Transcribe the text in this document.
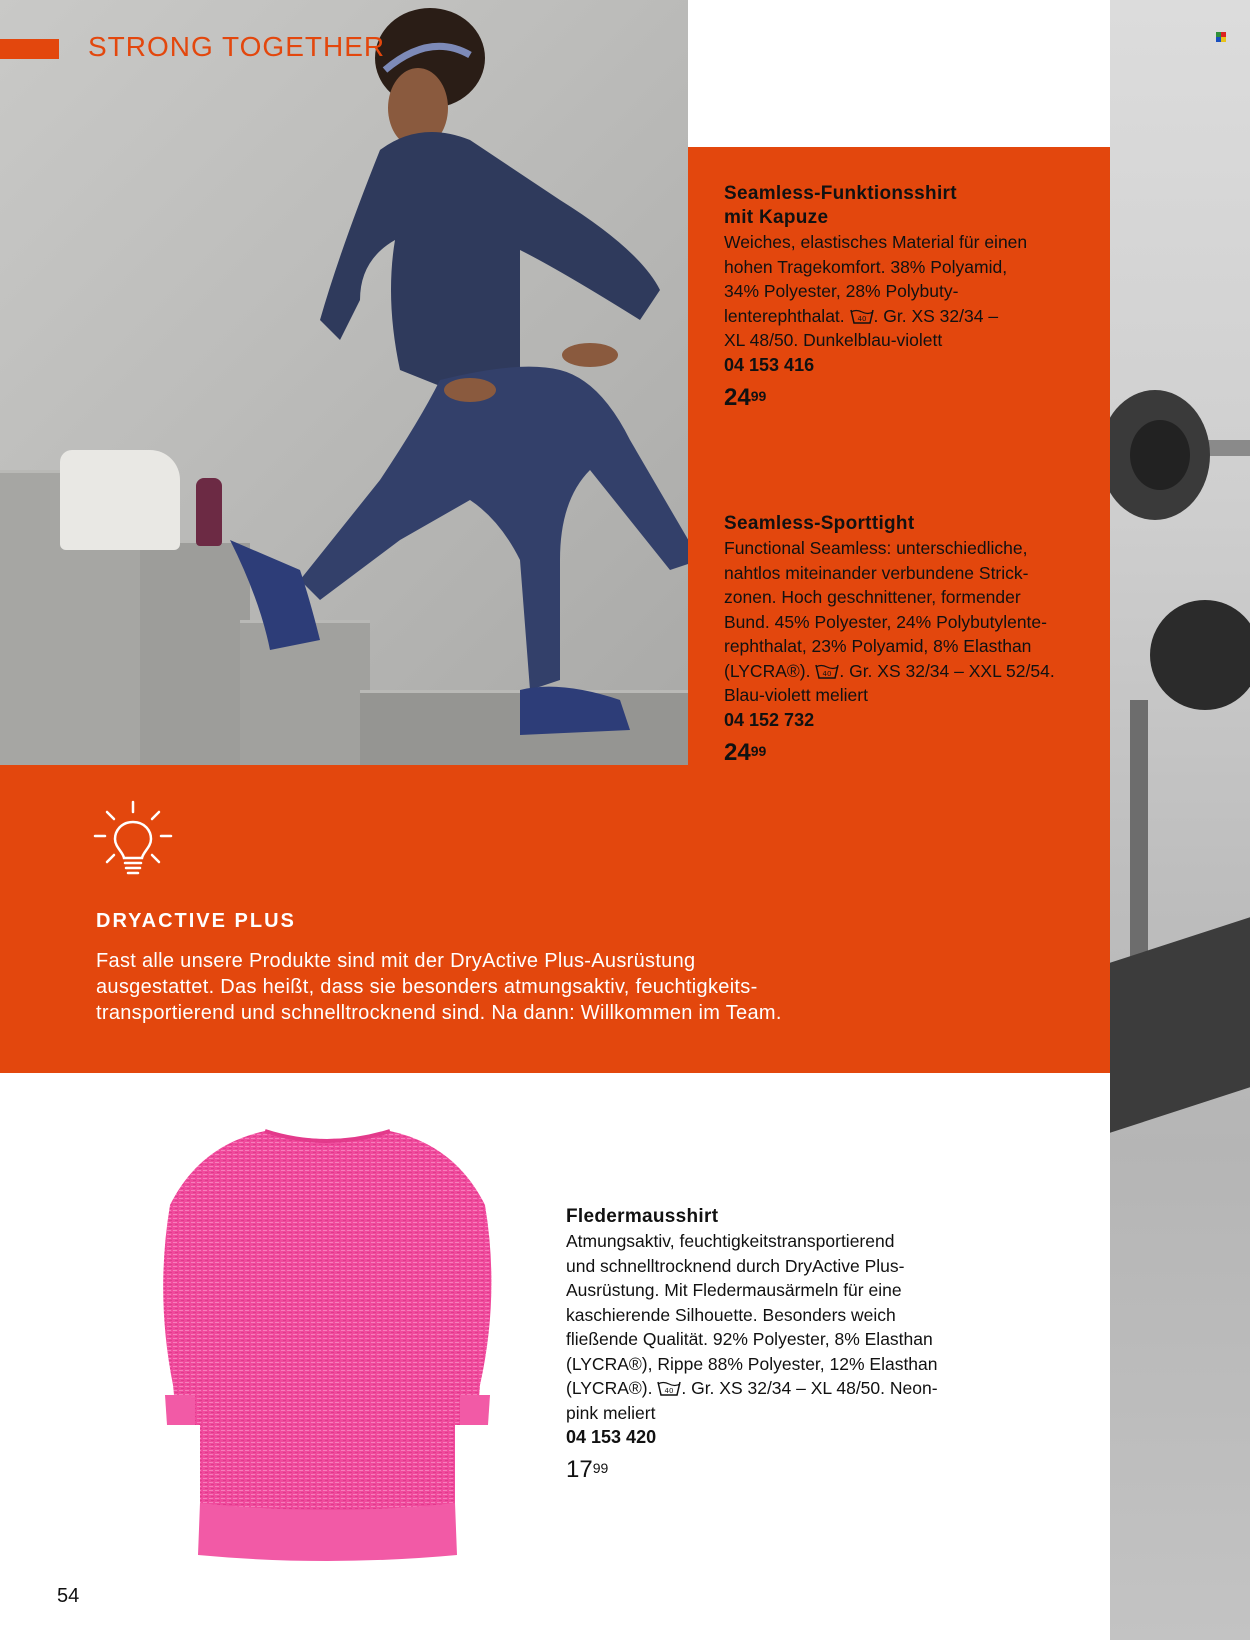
STRONG TOGETHER
Seamless-Funktionsshirt
mit Kapuze
Weiches, elastisches Material für einen
hohen Tragekomfort. 38% Polyamid,
34% Polyester, 28% Polybuty-
lenterephthalat. 40 . Gr. XS 32/34 –
XL 48/50. Dunkelblau-violett
04 153 416
$24^{99}$
Seamless-Sporttight
Functional Seamless: unterschiedliche,
nahtlos miteinander verbundene Strick-
zonen. Hoch geschnittener, formender
Bund. 45% Polyester, 24% Polybutylente-
rephthalat, 23% Polyamid, 8% Elasthan
(LYCRA®). 40 . Gr. XS 32/34 – XXL 52/54.
Blau-violett meliert
04 152 732
$24^{99}$
DRYACTIVE PLUS
Fast alle unsere Produkte sind mit der DryActive Plus-Ausrüstung
ausgestattet. Das heißt, dass sie besonders atmungsaktiv, feuchtigkeits-
transportierend und schnelltrocknend sind. Na dann: Willkommen im Team.
Fledermausshirt
Atmungsaktiv, feuchtigkeitstransportierend
und schnelltrocknend durch DryActive Plus-
Ausrüstung. Mit Fledermausärmeln für eine
kaschierende Silhouette. Besonders weich
fließende Qualität. 92% Polyester, 8% Elasthan
(LYCRA®), Rippe 88% Polyester, 12% Elasthan
(LYCRA®). 40 . Gr. XS 32/34 – XL 48/50. Neon-
pink meliert
04 153 420
$17^{99}$
54
